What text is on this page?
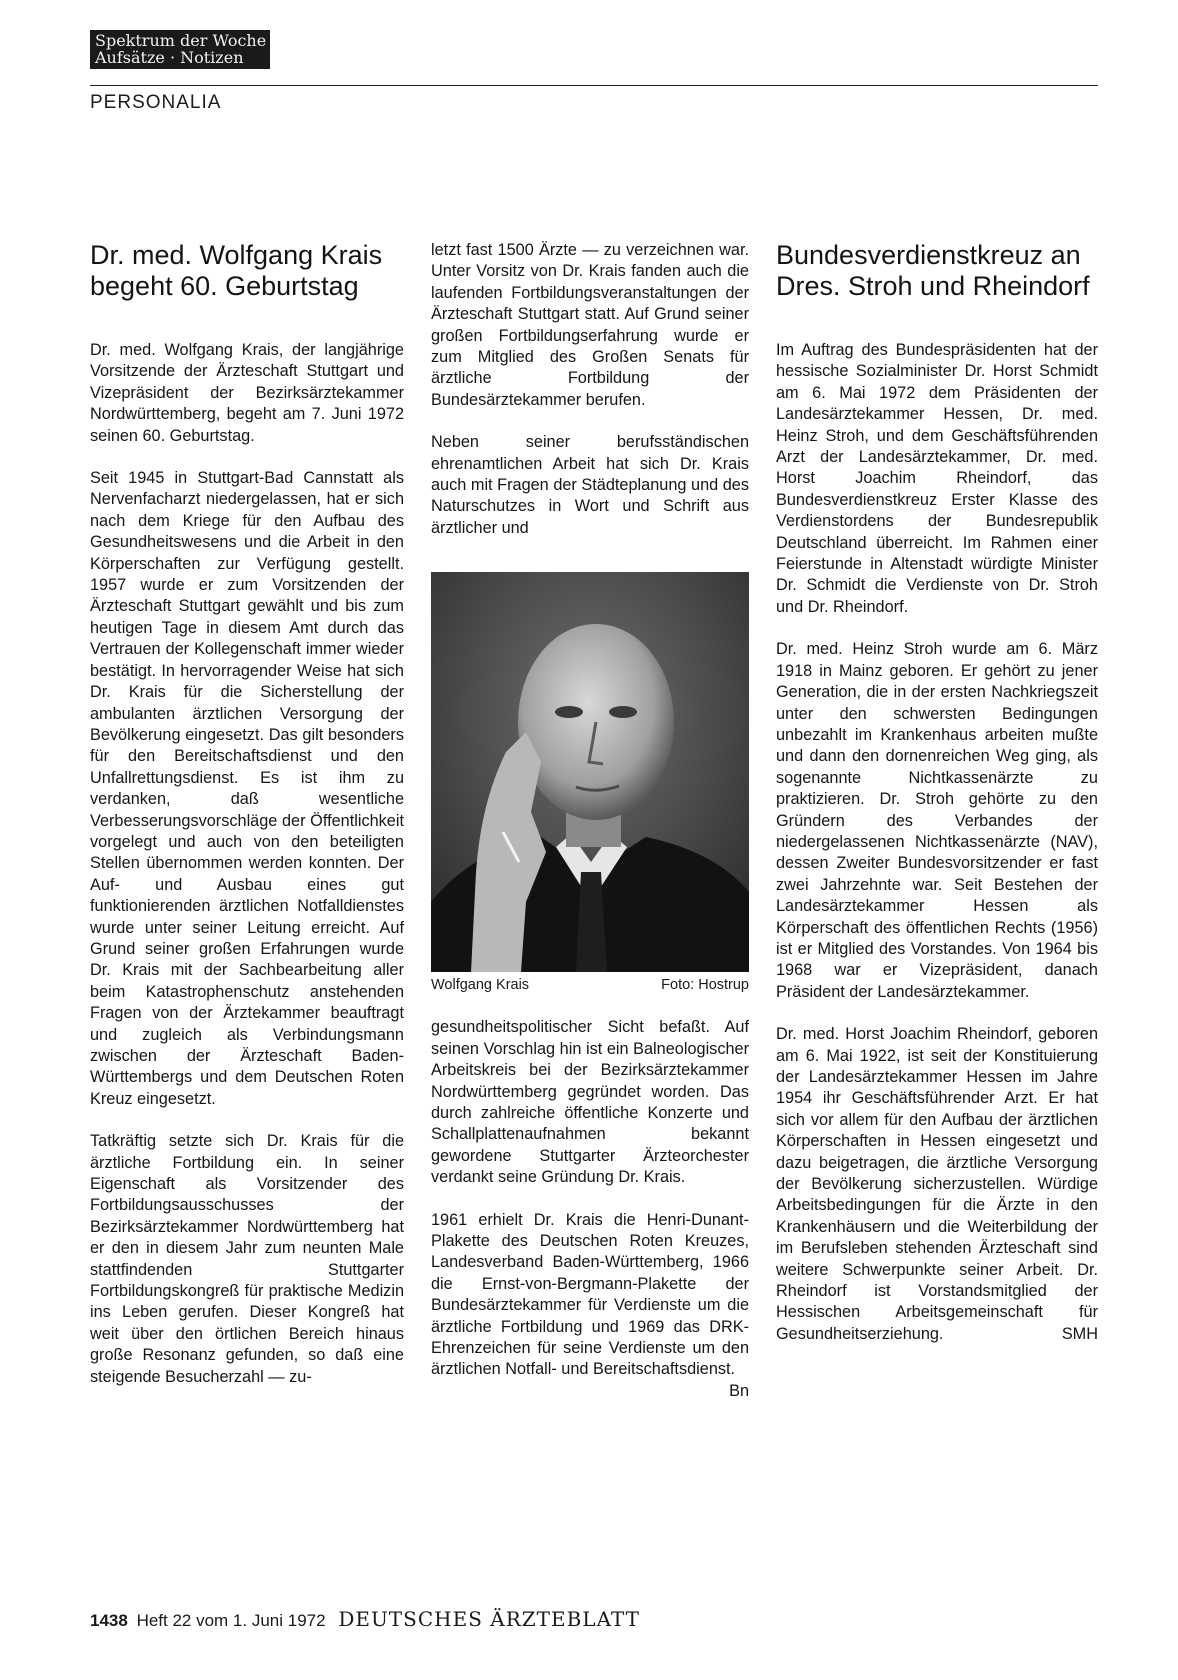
Spektrum der Woche
Aufsätze · Notizen
PERSONALIA
Dr. med. Wolfgang Krais
begeht 60. Geburtstag

Dr. med. Wolfgang Krais, der langjährige Vorsitzende der Ärzteschaft Stuttgart und Vizepräsident der Bezirksärztekammer Nordwürttemberg, begeht am 7. Juni 1972 seinen 60. Geburtstag.

Seit 1945 in Stuttgart-Bad Cannstatt als Nervenfacharzt niedergelassen, hat er sich nach dem Kriege für den Aufbau des Gesundheitswesens und die Arbeit in den Körperschaften zur Verfügung gestellt. 1957 wurde er zum Vorsitzenden der Ärzteschaft Stuttgart gewählt und bis zum heutigen Tage in diesem Amt durch das Vertrauen der Kollegenschaft immer wieder bestätigt. In hervorragender Weise hat sich Dr. Krais für die Sicherstellung der ambulanten ärztlichen Versorgung der Bevölkerung eingesetzt. Das gilt besonders für den Bereitschaftsdienst und den Unfallrettungsdienst. Es ist ihm zu verdanken, daß wesentliche Verbesserungsvorschläge der Öffentlichkeit vorgelegt und auch von den beteiligten Stellen übernommen werden konnten. Der Auf- und Ausbau eines gut funktionierenden ärztlichen Notfalldienstes wurde unter seiner Leitung erreicht. Auf Grund seiner großen Erfahrungen wurde Dr. Krais mit der Sachbearbeitung aller beim Katastrophenschutz anstehenden Fragen von der Ärztekammer beauftragt und zugleich als Verbindungsmann zwischen der Ärzteschaft Baden-Württembergs und dem Deutschen Roten Kreuz eingesetzt.

Tatkräftig setzte sich Dr. Krais für die ärztliche Fortbildung ein. In seiner Eigenschaft als Vorsitzender des Fortbildungsausschusses der Bezirksärztekammer Nordwürttemberg hat er den in diesem Jahr zum neunten Male stattfindenden Stuttgarter Fortbildungskongreß für praktische Medizin ins Leben gerufen. Dieser Kongreß hat weit über den örtlichen Bereich hinaus große Resonanz gefunden, so daß eine steigende Besucherzahl — zu-

letzt fast 1500 Ärzte — zu verzeichnen war. Unter Vorsitz von Dr. Krais fanden auch die laufenden Fortbildungsveranstaltungen der Ärzteschaft Stuttgart statt. Auf Grund seiner großen Fortbildungserfahrung wurde er zum Mitglied des Großen Senats für ärztliche Fortbildung der Bundesärztekammer berufen.

Neben seiner berufsständischen ehrenamtlichen Arbeit hat sich Dr. Krais auch mit Fragen der Städteplanung und des Naturschutzes in Wort und Schrift aus ärztlicher und

Wolfgang Krais	Foto: Hostrup

gesundheitspolitischer Sicht befaßt. Auf seinen Vorschlag hin ist ein Balneologischer Arbeitskreis bei der Bezirksärztekammer Nordwürttemberg gegründet worden. Das durch zahlreiche öffentliche Konzerte und Schallplattenaufnahmen bekannt gewordene Stuttgarter Ärzteorchester verdankt seine Gründung Dr. Krais.

1961 erhielt Dr. Krais die Henri-Dunant-Plakette des Deutschen Roten Kreuzes, Landesverband Baden-Württemberg, 1966 die Ernst-von-Bergmann-Plakette der Bundesärztekammer für Verdienste um die ärztliche Fortbildung und 1969 das DRK-Ehrenzeichen für seine Verdienste um den ärztlichen Notfall- und Bereitschaftsdienst.
Bn

Bundesverdienstkreuz an
Dres. Stroh und Rheindorf

Im Auftrag des Bundespräsidenten hat der hessische Sozialminister Dr. Horst Schmidt am 6. Mai 1972 dem Präsidenten der Landesärztekammer Hessen, Dr. med. Heinz Stroh, und dem Geschäftsführenden Arzt der Landesärztekammer, Dr. med. Horst Joachim Rheindorf, das Bundesverdienstkreuz Erster Klasse des Verdienstordens der Bundesrepublik Deutschland überreicht. Im Rahmen einer Feierstunde in Altenstadt würdigte Minister Dr. Schmidt die Verdienste von Dr. Stroh und Dr. Rheindorf.

Dr. med. Heinz Stroh wurde am 6. März 1918 in Mainz geboren. Er gehört zu jener Generation, die in der ersten Nachkriegszeit unter den schwersten Bedingungen unbezahlt im Krankenhaus arbeiten mußte und dann den dornenreichen Weg ging, als sogenannte Nichtkassenärzte zu praktizieren. Dr. Stroh gehörte zu den Gründern des Verbandes der niedergelassenen Nichtkassenärzte (NAV), dessen Zweiter Bundesvorsitzender er fast zwei Jahrzehnte war. Seit Bestehen der Landesärztekammer Hessen als Körperschaft des öffentlichen Rechts (1956) ist er Mitglied des Vorstandes. Von 1964 bis 1968 war er Vizepräsident, danach Präsident der Landesärztekammer.

Dr. med. Horst Joachim Rheindorf, geboren am 6. Mai 1922, ist seit der Konstituierung der Landesärztekammer Hessen im Jahre 1954 ihr Geschäftsführender Arzt. Er hat sich vor allem für den Aufbau der ärztlichen Körperschaften in Hessen eingesetzt und dazu beigetragen, die ärztliche Versorgung der Bevölkerung sicherzustellen. Würdige Arbeitsbedingungen für die Ärzte in den Krankenhäusern und die Weiterbildung der im Berufsleben stehenden Ärzteschaft sind weitere Schwerpunkte seiner Arbeit. Dr. Rheindorf ist Vorstandsmitglied der Hessischen Arbeitsgemeinschaft für Gesundheitserziehung.	SMH

1438 Heft 22 vom 1. Juni 1972 DEUTSCHES ÄRZTEBLATT
